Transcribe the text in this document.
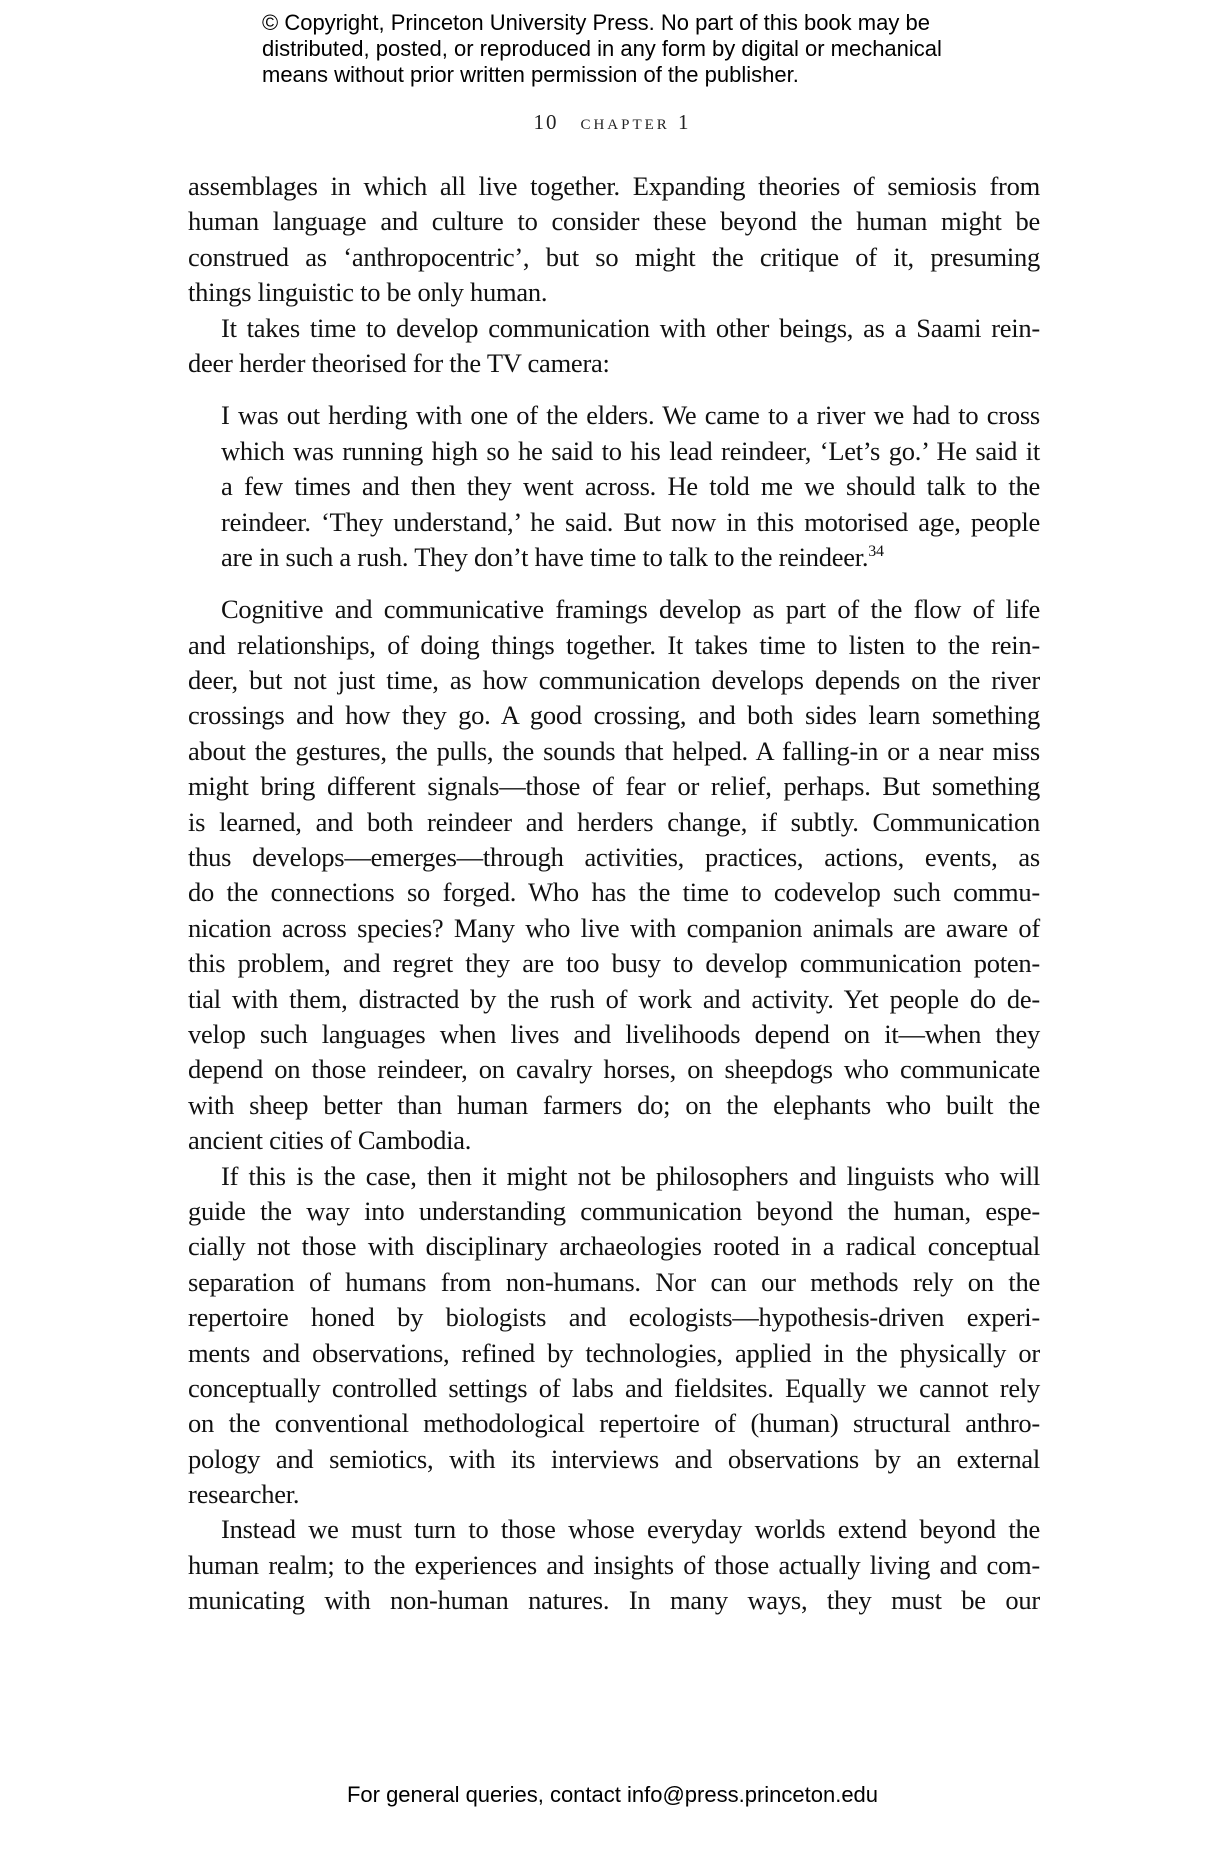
© Copyright, Princeton University Press. No part of this book may be
distributed, posted, or reproduced in any form by digital or mechanical
means without prior written permission of the publisher.
10 chapter 1
assemblages in which all live together. Expanding theories of semiosis from
human language and culture to consider these beyond the human might be
construed as ‘anthropocentric’, but so might the critique of it, presuming
things linguistic to be only human.
It takes time to develop communication with other beings, as a Saami rein-
deer herder theorised for the TV camera:
I was out herding with one of the elders. We came to a river we had to cross
which was running high so he said to his lead reindeer, ‘Let’s go.’ He said it
a few times and then they went across. He told me we should talk to the
reindeer. ‘They understand,’ he said. But now in this motorised age, people
are in such a rush. They don’t have time to talk to the reindeer.$^{34}$
Cognitive and communicative framings develop as part of the flow of life
and relationships, of doing things together. It takes time to listen to the rein-
deer, but not just time, as how communication develops depends on the river
crossings and how they go. A good crossing, and both sides learn something
about the gestures, the pulls, the sounds that helped. A falling-in or a near miss
might bring different signals—those of fear or relief, perhaps. But something
is learned, and both reindeer and herders change, if subtly. Communication
thus develops—emerges—through activities, practices, actions, events, as
do the connections so forged. Who has the time to codevelop such commu-
nication across species? Many who live with companion animals are aware of
this problem, and regret they are too busy to develop communication poten-
tial with them, distracted by the rush of work and activity. Yet people do de-
velop such languages when lives and livelihoods depend on it—when they
depend on those reindeer, on cavalry horses, on sheepdogs who communicate
with sheep better than human farmers do; on the elephants who built the
ancient cities of Cambodia.
If this is the case, then it might not be philosophers and linguists who will
guide the way into understanding communication beyond the human, espe-
cially not those with disciplinary archaeologies rooted in a radical conceptual
separation of humans from non-humans. Nor can our methods rely on the
repertoire honed by biologists and ecologists—hypothesis-driven experi-
ments and observations, refined by technologies, applied in the physically or
conceptually controlled settings of labs and fieldsites. Equally we cannot rely
on the conventional methodological repertoire of (human) structural anthro-
pology and semiotics, with its interviews and observations by an external
researcher.
Instead we must turn to those whose everyday worlds extend beyond the
human realm; to the experiences and insights of those actually living and com-
municating with non-human natures. In many ways, they must be our
For general queries, contact info@press.princeton.edu
